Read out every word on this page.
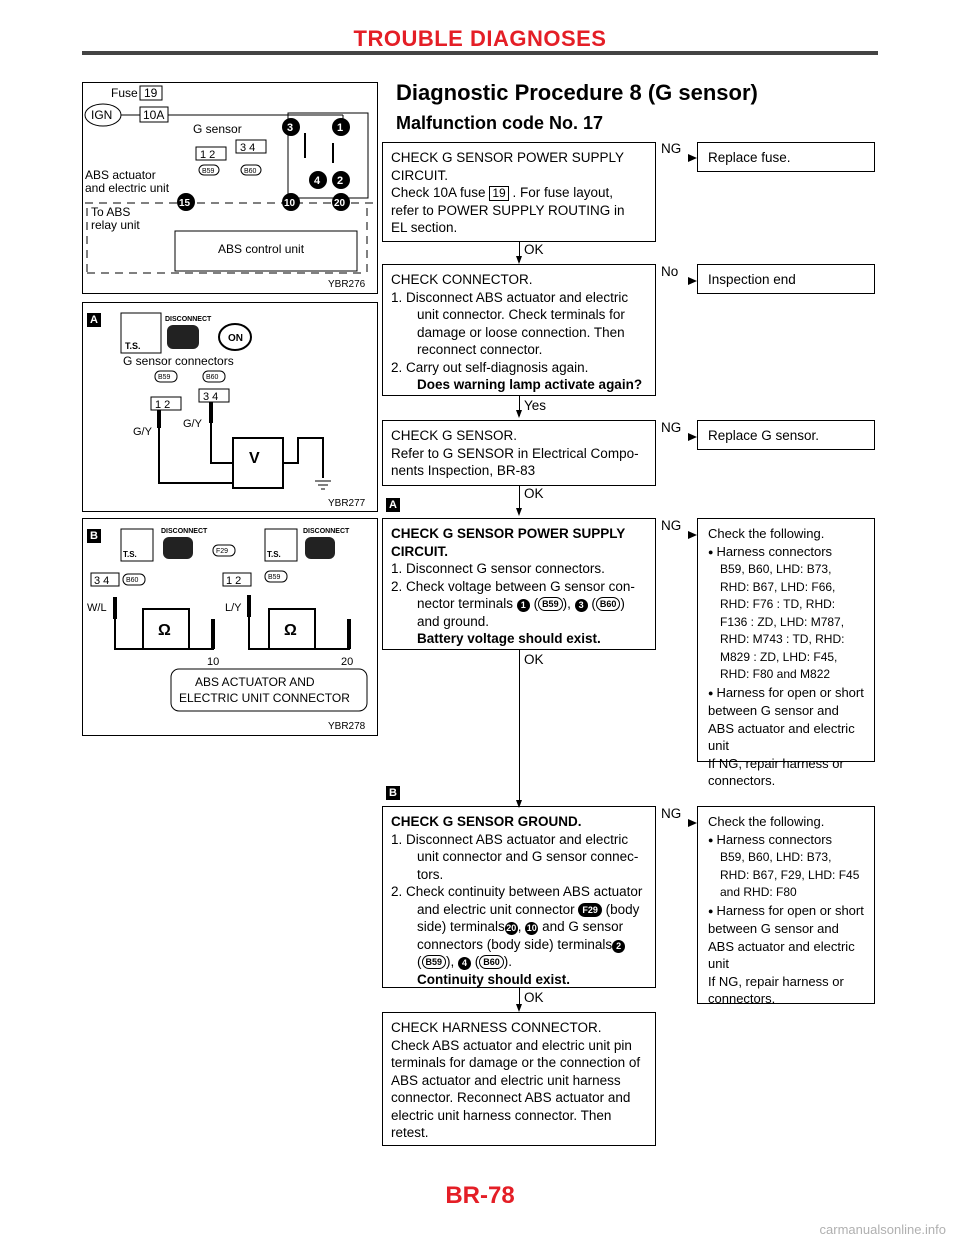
TROUBLE DIAGNOSES
Fuse 19
IGN	10A
G sensor
1 2
3 4
B59	B60
ABS actuator
and electric unit
3	1
4 2
15	10	20
To ABS
relay unit
ABS control unit
YBR276
A
T.S.
DISCONNECT
ON
G sensor connectors
B59	B60
1 2
3 4
G/Y
G/Y
V
YBR277
B
T.S.
DISCONNECT
F29	T.S.
DISCONNECT
3 4 B60	1 2	B59
W/L	L/Y
Ω	Ω
10	20
ABS ACTUATOR AND
ELECTRIC UNIT CONNECTOR
YBR278
Diagnostic Procedure 8 (G sensor)
Malfunction code No. 17
CHECK G SENSOR POWER SUPPLY
CIRCUIT.
Check 10A fuse 19 . For fuse layout,
refer to POWER SUPPLY ROUTING in
EL section.
NG
Replace fuse.
OK
CHECK CONNECTOR.
1. Disconnect ABS actuator and electric
unit connector. Check terminals for
damage or loose connection. Then
reconnect connector.
2. Carry out self-diagnosis again.
Does warning lamp activate again?
No
Inspection end
Yes
CHECK G SENSOR.
Refer to G SENSOR in Electrical Compo-
nents Inspection, BR-83
NG
Replace G sensor.
OK
A
CHECK G SENSOR POWER SUPPLY
CIRCUIT.
1. Disconnect G sensor connectors.
2. Check voltage between G sensor con-
nector terminals 1 ( B59 ), 3 ( B60 )
and ground.
Battery voltage should exist.
NG
Check the following.
● Harness connectors
B59, B60, LHD: B73, RHD: B67, LHD: F66, RHD: F76 : TD, RHD: F136 : ZD, LHD: M787, RHD: M743 : TD, RHD: M829 : ZD, LHD: F45, RHD: F80 and M822
● Harness for open or short between G sensor and ABS actuator and electric unit
If NG, repair harness or connectors.
OK
B
CHECK G SENSOR GROUND.
1. Disconnect ABS actuator and electric
unit connector and G sensor connec-
tors.
2. Check continuity between ABS actuator
and electric unit connector F29 (body
side) terminals20 , 10 and G sensor
connectors (body side) terminals 2
( B59 ), 4 ( B60 ).
Continuity should exist.
NG
Check the following.
● Harness connectors
B59, B60, LHD: B73, RHD: B67, F29, LHD: F45 and RHD: F80
● Harness for open or short between G sensor and ABS actuator and electric unit
If NG, repair harness or connectors.
OK
CHECK HARNESS CONNECTOR.
Check ABS actuator and electric unit pin
terminals for damage or the connection of
ABS actuator and electric unit harness
connector. Reconnect ABS actuator and
electric unit harness connector. Then
retest.
BR-78
carmanualsonline.info
